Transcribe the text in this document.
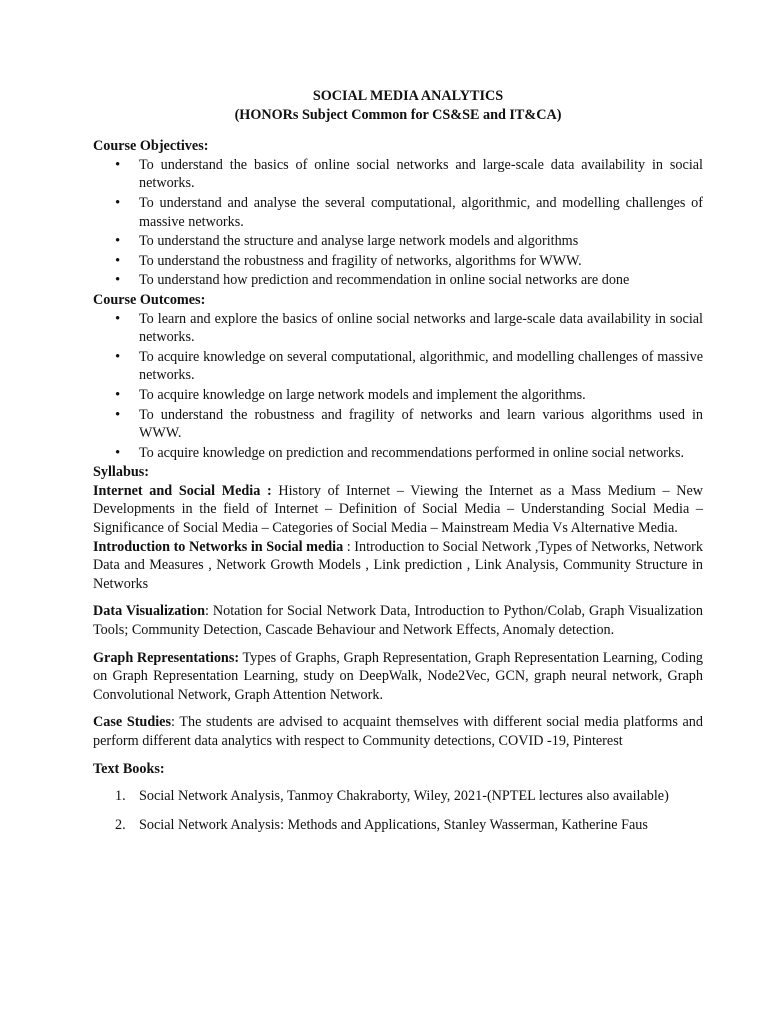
SOCIAL MEDIA ANALYTICS

(HONORs Subject Common for CS&SE and IT&CA)

Course Objectives:

• To understand the basics of online social networks and large-scale data availability in social networks.
• To understand and analyse the several computational, algorithmic, and modelling challenges of massive networks.
• To understand the structure and analyse large network models and algorithms
• To understand the robustness and fragility of networks, algorithms for WWW.
• To understand how prediction and recommendation in online social networks are done

Course Outcomes:

• To learn and explore the basics of online social networks and large-scale data availability in social networks.
• To acquire knowledge on several computational, algorithmic, and modelling challenges of massive networks.
• To acquire knowledge on large network models and implement the algorithms.
• To understand the robustness and fragility of networks and learn various algorithms used in WWW.
• To acquire knowledge on prediction and recommendations performed in online social networks.

Syllabus:

Internet and Social Media : History of Internet – Viewing the Internet as a Mass Medium – New Developments in the field of Internet – Definition of Social Media – Understanding Social Media – Significance of Social Media – Categories of Social Media – Mainstream Media Vs Alternative Media.

Introduction to Networks in Social media : Introduction to Social Network ,Types of Networks, Network Data and Measures , Network Growth Models , Link prediction , Link Analysis, Community Structure in Networks

Data Visualization: Notation for Social Network Data, Introduction to Python/Colab, Graph Visualization Tools; Community Detection, Cascade Behaviour and Network Effects, Anomaly detection.

Graph Representations: Types of Graphs, Graph Representation, Graph Representation Learning, Coding on Graph Representation Learning, study on DeepWalk, Node2Vec, GCN, graph neural network, Graph Convolutional Network, Graph Attention Network.

Case Studies: The students are advised to acquaint themselves with different social media platforms and perform different data analytics with respect to Community detections, COVID -19, Pinterest

Text Books:

1. Social Network Analysis, Tanmoy Chakraborty, Wiley, 2021-(NPTEL lectures also available)
2. Social Network Analysis: Methods and Applications, Stanley Wasserman, Katherine Faus
